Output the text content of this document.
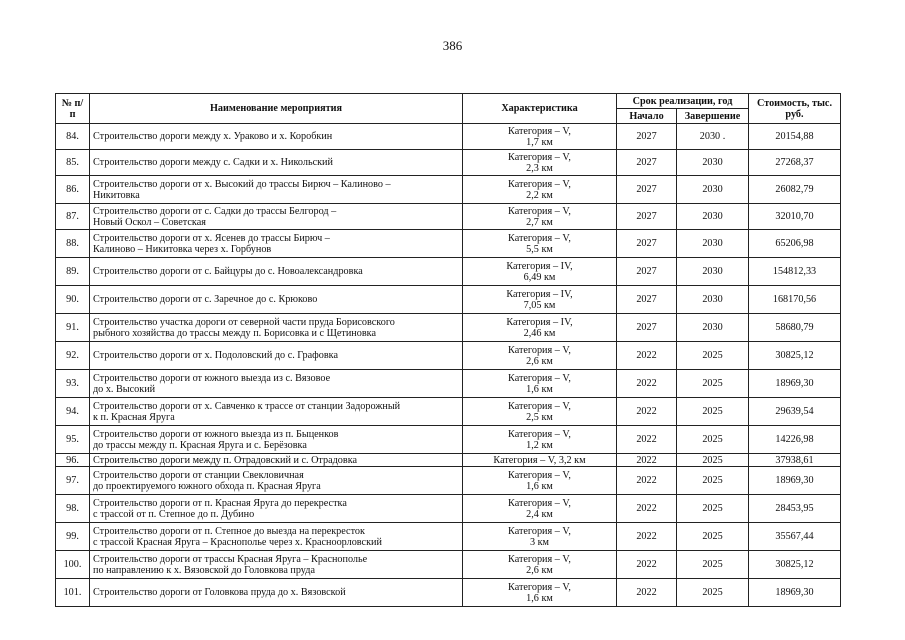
386
№ п/п	Наименование мероприятия	Характеристика	Срок реализации, год		Стоимость, тыс. руб.
			Начало	Завершение	
84.	Строительство дороги между х. Ураково и х. Коробкин	Категория – V,
1,7 км	2027	2030 .	20154,88
85.	Строительство дороги между с. Садки и х. Никольский	Категория – V,
2,3 км	2027	2030	27268,37
86.	Строительство дороги от х. Высокий до трассы Бирюч – Калиново –
Никитовка	Категория – V,
2,2 км	2027	2030	26082,79
87.	Строительство дороги от с. Садки до трассы Белгород –
Новый Оскол – Советская	Категория – V,
2,7 км	2027	2030	32010,70
88.	Строительство дороги от х. Ясенев до трассы Бирюч –
Калиново – Никитовка через х. Горбунов	Категория – V,
5,5 км	2027	2030	65206,98
89.	Строительство дороги от с. Байцуры до с. Новоалександровка	Категория – IV,
6,49 км	2027	2030	154812,33
90.	Строительство дороги от с. Заречное до с. Крюково	Категория – IV,
7,05 км	2027	2030	168170,56
91.	Строительство участка дороги от северной части пруда Борисовского
рыбного хозяйства до трассы между п. Борисовка и с Щетиновка	Категория – IV,
2,46 км	2027	2030	58680,79
92.	Строительство дороги от х. Подоловский до с. Графовка	Категория – V,
2,6 км	2022	2025	30825,12
93.	Строительство дороги от южного выезда из с. Вязовое
до х. Высокий	Категория – V,
1,6 км	2022	2025	18969,30
94.	Строительство дороги от х. Савченко к трассе от станции Задорожный
к п. Красная Яруга	Категория – V,
2,5 км	2022	2025	29639,54
95.	Строительство дороги от южного выезда из п. Быценков
до трассы между п. Красная Яруга и с. Берёзовка	Категория – V,
1,2 км	2022	2025	14226,98
96.	Строительство дороги между п. Отрадовский и с. Отрадовка	Категория – V, 3,2 км	2022	2025	37938,61
97.	Строительство дороги от станции Свекловичная
до проектируемого южного обхода п. Красная Яруга	Категория – V,
1,6 км	2022	2025	18969,30
98.	Строительство дороги от п. Красная Яруга до перекрестка
с трассой от п. Степное до п. Дубино	Категория – V,
2,4 км	2022	2025	28453,95
99.	Строительство дороги от п. Степное до выезда на перекресток
с трассой Красная Яруга – Краснополье через х. Красноорловский	Категория – V,
3 км	2022	2025	35567,44
100.	Строительство дороги от трассы Красная Яруга – Краснополье
по направлению к х. Вязовской до Головкова пруда	Категория – V,
2,6 км	2022	2025	30825,12
101.	Строительство дороги от Головкова пруда до х. Вязовской	Категория – V,
1,6 км	2022	2025	18969,30
